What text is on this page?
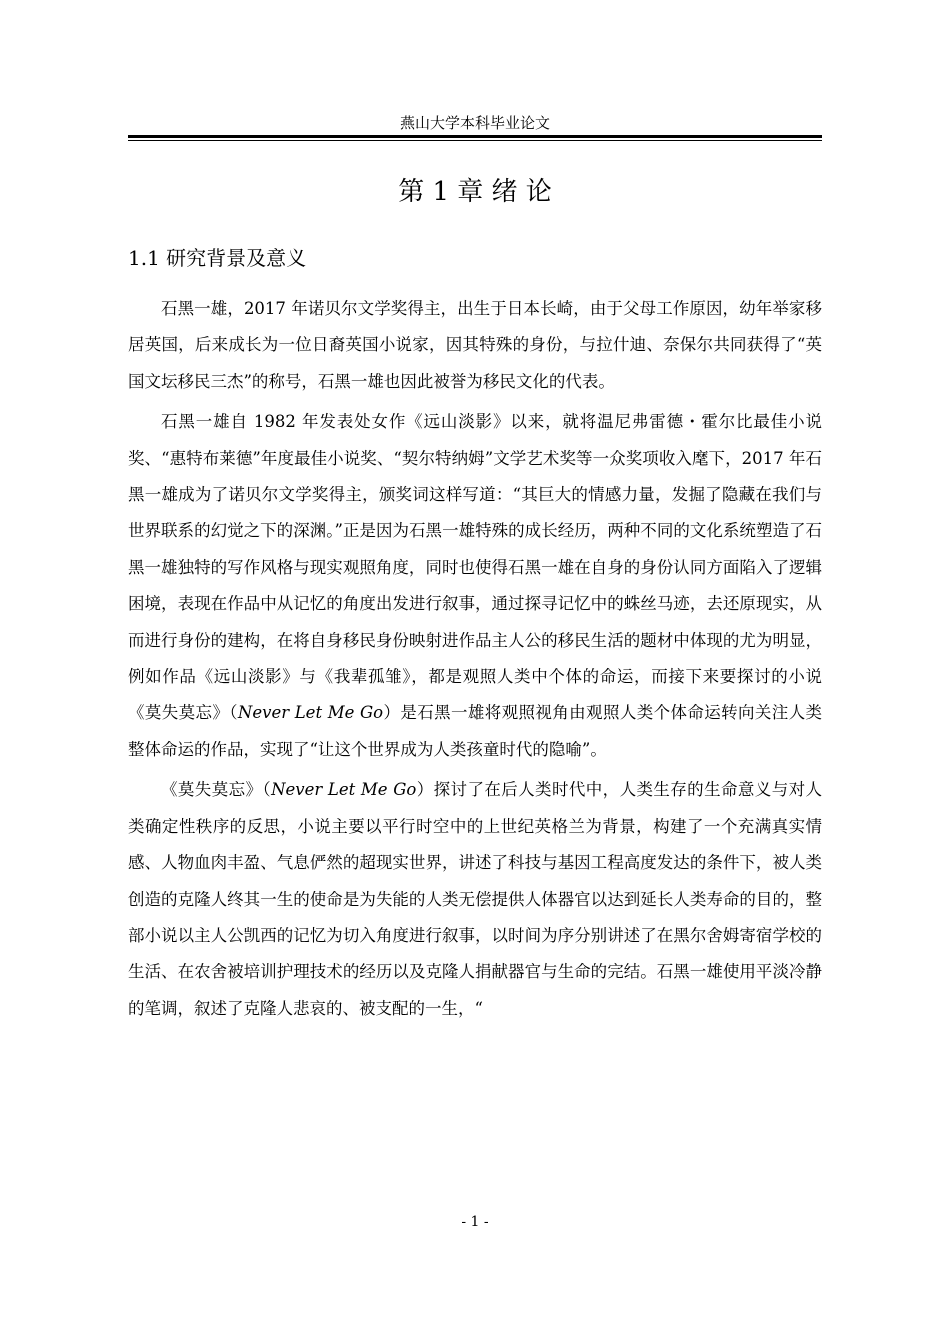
燕山大学本科毕业论文
第 1 章 绪 论
1.1 研究背景及意义

石黑一雄，2017 年诺贝尔文学奖得主，出生于日本长崎，由于父母工作原因，幼年举家移居英国，后来成长为一位日裔英国小说家，因其特殊的身份，与拉什迪、奈保尔共同获得了“英国文坛移民三杰”的称号，石黑一雄也因此被誉为移民文化的代表。

石黑一雄自 1982 年发表处女作《远山淡影》以来，就将温尼弗雷德・霍尔比最佳小说奖、“惠特布莱德”年度最佳小说奖、“契尔特纳姆”文学艺术奖等一众奖项收入麾下，2017 年石黑一雄成为了诺贝尔文学奖得主，颁奖词这样写道：“其巨大的情感力量，发掘了隐藏在我们与世界联系的幻觉之下的深渊。”正是因为石黑一雄特殊的成长经历，两种不同的文化系统塑造了石黑一雄独特的写作风格与现实观照角度，同时也使得石黑一雄在自身的身份认同方面陷入了逻辑困境，表现在作品中从记忆的角度出发进行叙事，通过探寻记忆中的蛛丝马迹，去还原现实，从而进行身份的建构，在将自身移民身份映射进作品主人公的移民生活的题材中体现的尤为明显，例如作品《远山淡影》与《我辈孤雏》，都是观照人类中个体的命运，而接下来要探讨的小说《莫失莫忘》（Never Let Me Go）是石黑一雄将观照视角由观照人类个体命运转向关注人类整体命运的作品，实现了“让这个世界成为人类孩童时代的隐喻”。

《莫失莫忘》（Never Let Me Go）探讨了在后人类时代中，人类生存的生命意义与对人类确定性秩序的反思，小说主要以平行时空中的上世纪英格兰为背景，构建了一个充满真实情感、人物血肉丰盈、气息俨然的超现实世界，讲述了科技与基因工程高度发达的条件下，被人类创造的克隆人终其一生的使命是为失能的人类无偿提供人体器官以达到延长人类寿命的目的，整部小说以主人公凯西的记忆为切入角度进行叙事，以时间为序分别讲述了在黑尔舍姆寄宿学校的生活、在农舍被培训护理技术的经历以及克隆人捐献器官与生命的完结。石黑一雄使用平淡冷静的笔调，叙述了克隆人悲哀的、被支配的一生，“

- 1 -
